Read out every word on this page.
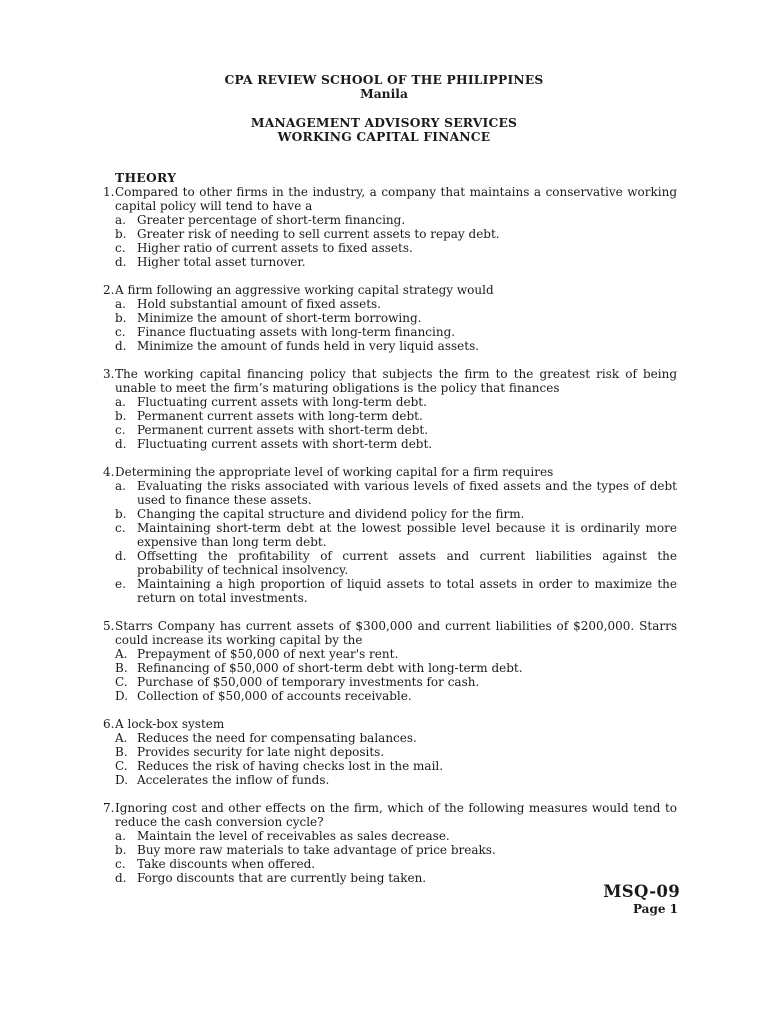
CPA REVIEW SCHOOL OF THE PHILIPPINES
Manila
MANAGEMENT ADVISORY SERVICES
WORKING CAPITAL FINANCE
THEORY
1. Compared to other firms in the industry, a company that maintains a conservative working capital policy will tend to have a
a. Greater percentage of short-term financing.
b. Greater risk of needing to sell current assets to repay debt.
c. Higher ratio of current assets to fixed assets.
d. Higher total asset turnover.
2. A firm following an aggressive working capital strategy would
a. Hold substantial amount of fixed assets.
b. Minimize the amount of short-term borrowing.
c. Finance fluctuating assets with long-term financing.
d. Minimize the amount of funds held in very liquid assets.
3. The working capital financing policy that subjects the firm to the greatest risk of being unable to meet the firm’s maturing obligations is the policy that finances
a. Fluctuating current assets with long-term debt.
b. Permanent current assets with long-term debt.
c. Permanent current assets with short-term debt.
d. Fluctuating current assets with short-term debt.
4. Determining the appropriate level of working capital for a firm requires
a. Evaluating the risks associated with various levels of fixed assets and the types of debt used to finance these assets.
b. Changing the capital structure and dividend policy for the firm.
c. Maintaining short-term debt at the lowest possible level because it is ordinarily more expensive than long term debt.
d. Offsetting the profitability of current assets and current liabilities against the probability of technical insolvency.
e. Maintaining a high proportion of liquid assets to total assets in order to maximize the return on total investments.
5. Starrs Company has current assets of $300,000 and current liabilities of $200,000. Starrs could increase its working capital by the
A. Prepayment of $50,000 of next year's rent.
B. Refinancing of $50,000 of short-term debt with long-term debt.
C. Purchase of $50,000 of temporary investments for cash.
D. Collection of $50,000 of accounts receivable.
6. A lock-box system
A. Reduces the need for compensating balances.
B. Provides security for late night deposits.
C. Reduces the risk of having checks lost in the mail.
D. Accelerates the inflow of funds.
7. Ignoring cost and other effects on the firm, which of the following measures would tend to reduce the cash conversion cycle?
a. Maintain the level of receivables as sales decrease.
b. Buy more raw materials to take advantage of price breaks.
c. Take discounts when offered.
d. Forgo discounts that are currently being taken.
MSQ-09
Page 1
